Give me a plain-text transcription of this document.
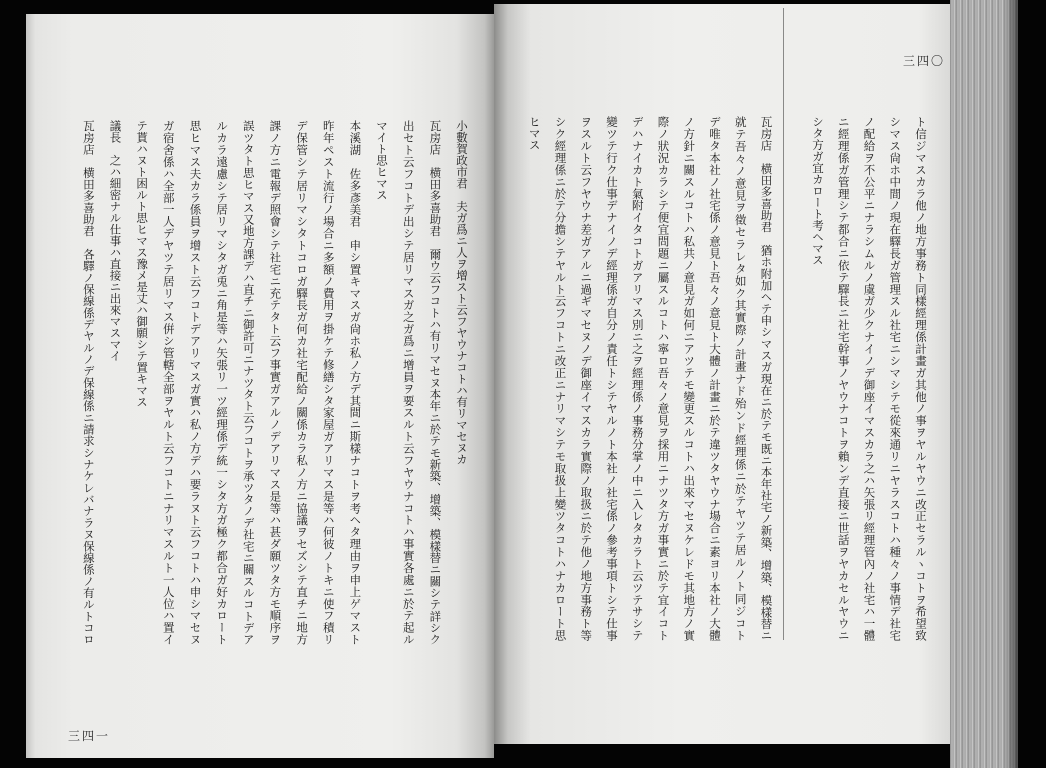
三四〇
三四一
ト信ジマスカラ他ノ地方事務ト同樣經理係計畫ガ其他ノ事ヲヤルヤウニ改正セラルヽコトヲ希望致
シマス尙ホ中間ノ現在驛長ガ管理スル社宅ニシマシテモ從來通リニヤラスコトハ種々ノ事情デ社宅
ノ配給ヲ不公平ニナラシムルノ虞ガ少クナイノデ御座イマスカラ之ハ矢張リ經理管內ノ社宅ハ一體
ニ經理係ガ管理シテ都合ニ依テ驛長ニ社宅幹事ノヤウナコトヲ賴ンデ直接ニ世話ヲヤカセルヤウニ
シタ方ガ宜カロート考ヘマス
瓦房店　横田多喜助君　猶ホ附加ヘテ申シマスガ現在ニ於テモ既ニ本年社宅ノ新築、增築、模樣替ニ
就テ吾々ノ意見ヲ徵セラレタ如ク其實際ノ計畫ナド殆ンド經理係ニ於テヤツテ居ルノト同ジコト
デ唯タ本社ノ社宅係ノ意見ト吾々ノ意見ト大體ノ計畫ニ於テ違ツタヤウナ場合ニ素ヨリ本社ノ大體
ノ方針ニ關スルコトハ私共ノ意見ガ如何ニアツテモ變更スルコトハ出來マセヌケレドモ其地方ノ實
際ノ狀況カラシテ便宜問題ニ屬スルコトハ寧ロ吾々ノ意見ヲ採用ニナツタ方ガ事實ニ於テ宜イコト
デハナイカト氣附イタコトガアリマス別ニ之ヲ經理係ノ事務分掌ノ中ニ入レタカラト云ツテサシテ
變ツテ行ク仕事デナイノデ經理係ガ自分ノ責任トシテヤルノト本社ノ社宅係ノ參考事項トシテ仕事
ヲスルト云フヤウナ差ガアルニ過ギマセヌノデ御座イマスカラ實際ノ取扱ニ於テ他ノ地方事務ト等
シク經理係ニ於テ分擔シテヤルト云フコトニ改正ニナリマシテモ取扱上變ツタコトハナカロート思
ヒマス
小數賀政市君　夫ガ爲ニ人ヲ增スト云フヤウナコトハ有リマセヌカ
瓦房店　横田多喜助君　爾ウ云フコトハ有リマセヌ本年ニ於テモ新築、增築、模樣替ニ關シテ詳シク
出セト云フコトデ出シテ居リマスガ之ガ爲ニ增員ヲ要スルト云フヤウナコトハ事實各處ニ於テ起ル
マイト思ヒマス
本溪湖　佐多彥美君　申シ置キマスガ尙ホ私ノ方デ其間ニ斯樣ナコトヲ考ヘタ理由ヲ申上ゲマスト
昨年ペスト流行ノ場合ニ多額ノ費用ヲ掛ケテ修繕シタ家屋ガアリマス是等ハ何彼ノトキニ使フ積リ
デ保管シテ居リマシタトコロガ驛長ガ何カ社宅配給ノ關係カラ私ノ方ニ協議ヲセズシテ直チニ地方
課ノ方ニ電報デ照會シテ社宅ニ充テタト云フ事實ガアルノデアリマス是等ハ甚ダ願ツタ方モ順序ヲ
誤ツタト思ヒマス又地方課デハ直チニ御許可ニナツタト云フコトヲ承ツタノデ社宅ニ關スルコトデア
ルカラ遠慮シテ居リマシタガ兎ニ角是等ハ矢張リ一ツ經理係デ統一シタ方ガ極ク都合ガ好カロート
思ヒマス夫カラ係員ヲ增スト云フコトデアリマスガ實ハ私ノ方デハ要ラヌト云フコトハ申シマセヌ
ガ宿舍係ハ全部一人デヤツテ居リマス倂シ管轄全部ヲヤルト云フコトニナリマスルト一人位ハ置イ
テ貰ハヌト困ルト思ヒマス豫メ是丈ハ御願シテ置キマス
議長　之ハ細密ナル仕事ハ直接ニ出來マスマイ
瓦房店　横田多喜助君　各驛ノ保線係デヤルノデ保線係ニ請求シナケレバナラヌ保線係ノ有ルトコロ
